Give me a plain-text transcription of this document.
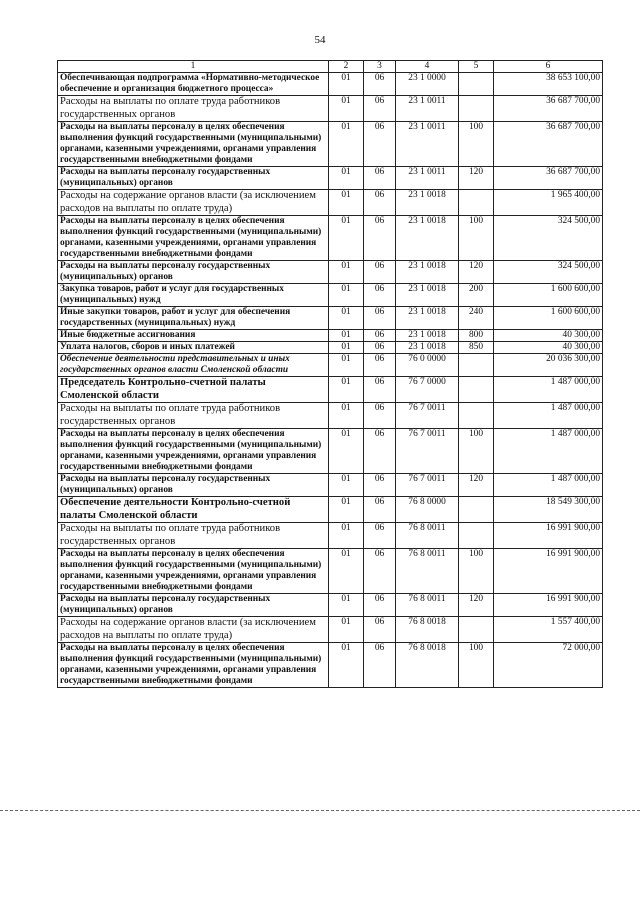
54
1	2	3	4	5	6
Обеспечивающая подпрограмма «Нормативно-методическое обеспечение и организация бюджетного процесса»	01	06	23 1 0000		38 653 100,00
Расходы на выплаты по оплате труда работников государственных органов	01	06	23 1 0011		36 687 700,00
Расходы на выплаты персоналу в целях обеспечения выполнения функций государственными (муниципальными) органами, казенными учреждениями, органами управления государственными внебюджетными фондами	01	06	23 1 0011	100	36 687 700,00
Расходы на выплаты персоналу государственных (муниципальных) органов	01	06	23 1 0011	120	36 687 700,00
Расходы на содержание органов власти (за исключением расходов на выплаты по оплате труда)	01	06	23 1 0018		1 965 400,00
Расходы на выплаты персоналу в целях обеспечения выполнения функций государственными (муниципальными) органами, казенными учреждениями, органами управления государственными внебюджетными фондами	01	06	23 1 0018	100	324 500,00
Расходы на выплаты персоналу государственных (муниципальных) органов	01	06	23 1 0018	120	324 500,00
Закупка товаров, работ и услуг для государственных (муниципальных) нужд	01	06	23 1 0018	200	1 600 600,00
Иные закупки товаров, работ и услуг для обеспечения государственных (муниципальных) нужд	01	06	23 1 0018	240	1 600 600,00
Иные бюджетные ассигнования	01	06	23 1 0018	800	40 300,00
Уплата налогов, сборов и иных платежей	01	06	23 1 0018	850	40 300,00
Обеспечение деятельности представительных и иных государственных органов власти Смоленской области	01	06	76 0 0000		20 036 300,00
Председатель Контрольно-счетной палаты Смоленской области	01	06	76 7 0000		1 487 000,00
Расходы на выплаты по оплате труда работников государственных органов	01	06	76 7 0011		1 487 000,00
Расходы на выплаты персоналу в целях обеспечения выполнения функций государственными (муниципальными) органами, казенными учреждениями, органами управления государственными внебюджетными фондами	01	06	76 7 0011	100	1 487 000,00
Расходы на выплаты персоналу государственных (муниципальных) органов	01	06	76 7 0011	120	1 487 000,00
Обеспечение деятельности Контрольно-счетной палаты Смоленской области	01	06	76 8 0000		18 549 300,00
Расходы на выплаты по оплате труда работников государственных органов	01	06	76 8 0011		16 991 900,00
Расходы на выплаты персоналу в целях обеспечения выполнения функций государственными (муниципальными) органами, казенными учреждениями, органами управления государственными внебюджетными фондами	01	06	76 8 0011	100	16 991 900,00
Расходы на выплаты персоналу государственных (муниципальных) органов	01	06	76 8 0011	120	16 991 900,00
Расходы на содержание органов власти (за исключением расходов на выплаты по оплате труда)	01	06	76 8 0018		1 557 400,00
Расходы на выплаты персоналу в целях обеспечения выполнения функций государственными (муниципальными) органами, казенными учреждениями, органами управления государственными внебюджетными фондами	01	06	76 8 0018	100	72 000,00
